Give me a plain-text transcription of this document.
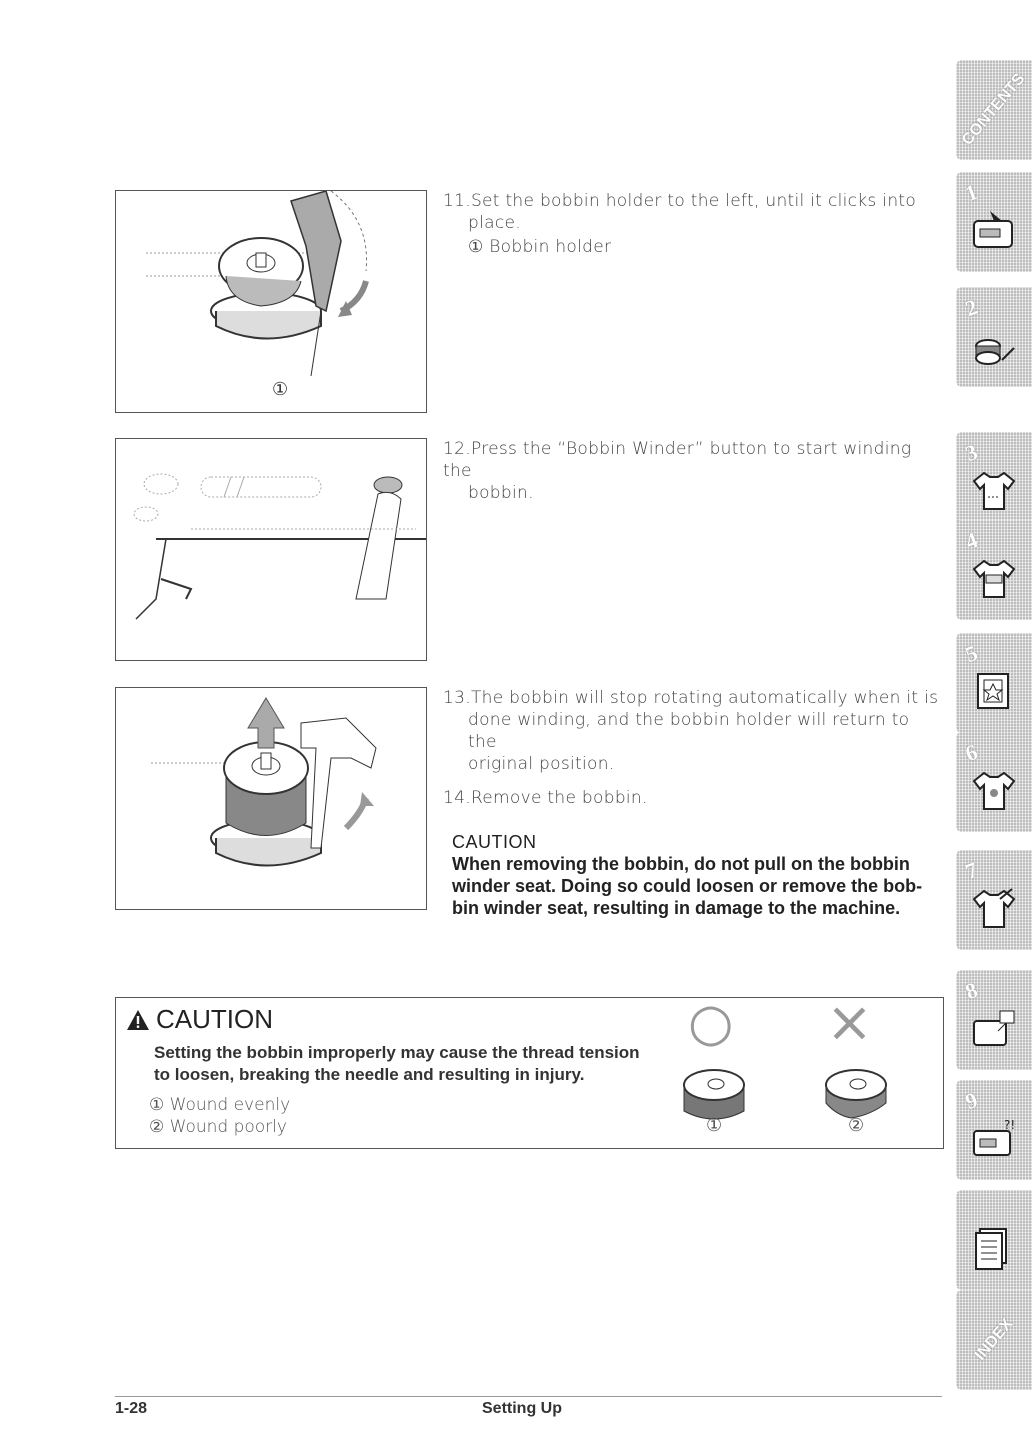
①
11.Set the bobbin holder to the left, until it clicks into
place.
① Bobbin holder
12.Press the “Bobbin Winder” button to start winding the
bobbin.
13.The bobbin will stop rotating automatically when it is
done winding, and the bobbin holder will return to the
original position.
14.Remove the bobbin.
CAUTION
When removing the bobbin, do not pull on the bobbin
winder seat. Doing so could loosen or remove the bob-
bin winder seat, resulting in damage to the machine.
CAUTION
Setting the bobbin improperly may cause the thread tension
to loosen, breaking the needle and resulting in injury.
① Wound evenly
② Wound poorly
○ ×
①	②
1-28	Setting Up
CONTENTS
1
2
3
4
5
6
7
8
9
?!
INDEX
